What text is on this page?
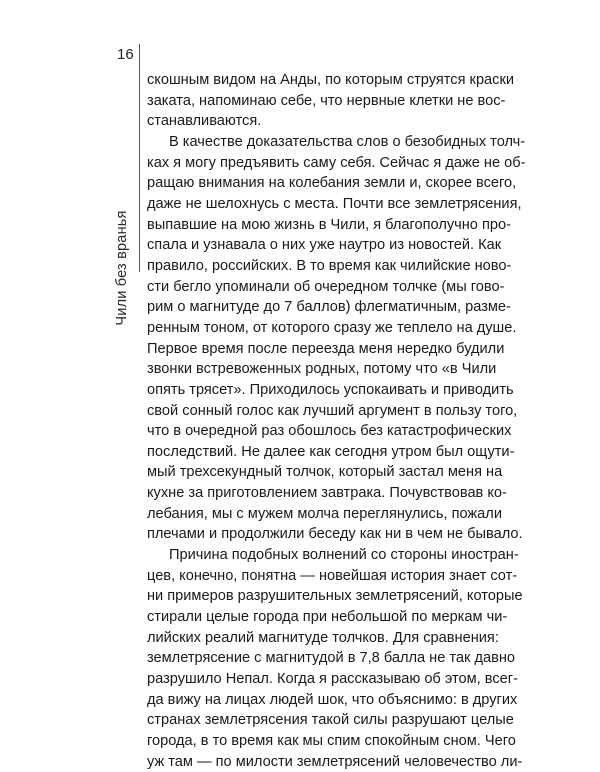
16
Чили без вранья
скошным видом на Анды, по которым струятся краски
заката, напоминаю себе, что нервные клетки не вос-
станавливаются.
В качестве доказательства слов о безобидных толч-
ках я могу предъявить саму себя. Сейчас я даже не об-
ращаю внимания на колебания земли и, скорее всего,
даже не шелохнусь с места. Почти все землетрясения,
выпавшие на мою жизнь в Чили, я благополучно про-
спала и узнавала о них уже наутро из новостей. Как
правило, российских. В то время как чилийские ново-
сти бегло упоминали об очередном толчке (мы гово-
рим о магнитуде до 7 баллов) флегматичным, разме-
ренным тоном, от которого сразу же теплело на душе.
Первое время после переезда меня нередко будили
звонки встревоженных родных, потому что «в Чили
опять трясет». Приходилось успокаивать и приводить
свой сонный голос как лучший аргумент в пользу того,
что в очередной раз обошлось без катастрофических
последствий. Не далее как сегодня утром был ощути-
мый трехсекундный толчок, который застал меня на
кухне за приготовлением завтрака. Почувствовав ко-
лебания, мы с мужем молча переглянулись, пожали
плечами и продолжили беседу как ни в чем не бывало.
Причина подобных волнений со стороны иностран-
цев, конечно, понятна — новейшая история знает сот-
ни примеров разрушительных землетрясений, которые
стирали целые города при небольшой по меркам чи-
лийских реалий магнитуде толчков. Для сравнения:
землетрясение с магнитудой в 7,8 балла не так давно
разрушило Непал. Когда я рассказываю об этом, всег-
да вижу на лицах людей шок, что объяснимо: в других
странах землетрясения такой силы разрушают целые
города, в то время как мы спим спокойным сном. Чего
уж там — по милости землетрясений человечество ли-
